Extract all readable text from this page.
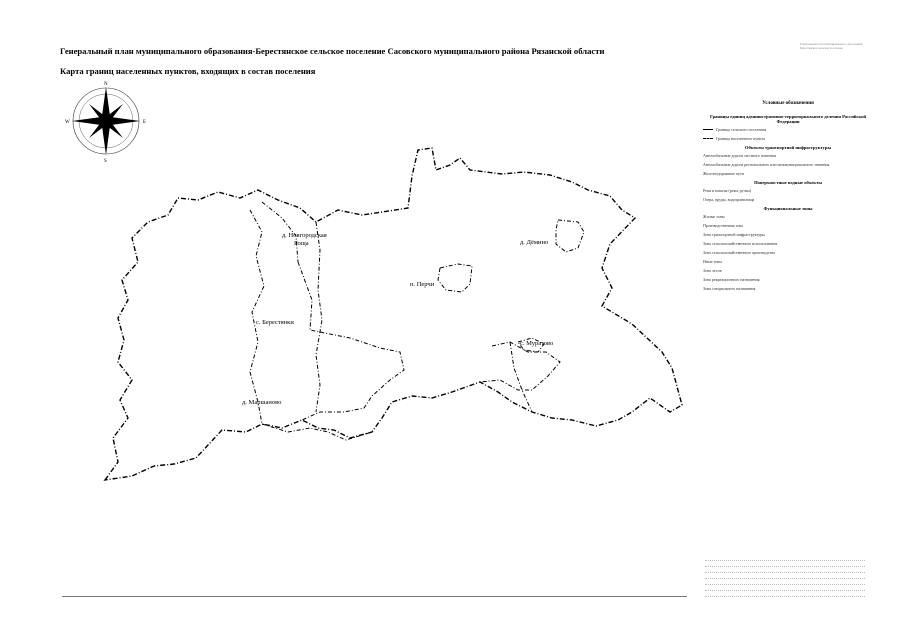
Генеральный план муниципального образования-Берестянское сельское поселение Сасовского муниципального района Рязанской области
Карта границ населенных пунктов, входящих в состав поселения
Генеральный план муниципального образования Берестянское сельское поселение
N
S
W	E
д. Новгородская
Роща
с. Берестянки
д. Маршаново
п. Перчи
д. Дёмино
с. Муратово
Условные обозначения
Границы единиц административно-территориального деления Российской Федерации
Граница сельского поселения
Граница населенного пункта
Объекты транспортной инфраструктуры
Автомобильные дороги местного значения
Автомобильные дороги регионального или межмуниципального значения
Железнодорожные пути
Поверхностные водные объекты
Реки и каналы (реки, ручьи)
Озера, пруды, водохранилища
Функциональные зоны
Жилые зоны
Производственная зона
Зона транспортной инфраструктуры
Зона сельскохозяйственного использования
Зона сельскохозяйственного производства
Иные зоны
Зона лесов
Зона рекреационного назначения
Зона специального назначения
